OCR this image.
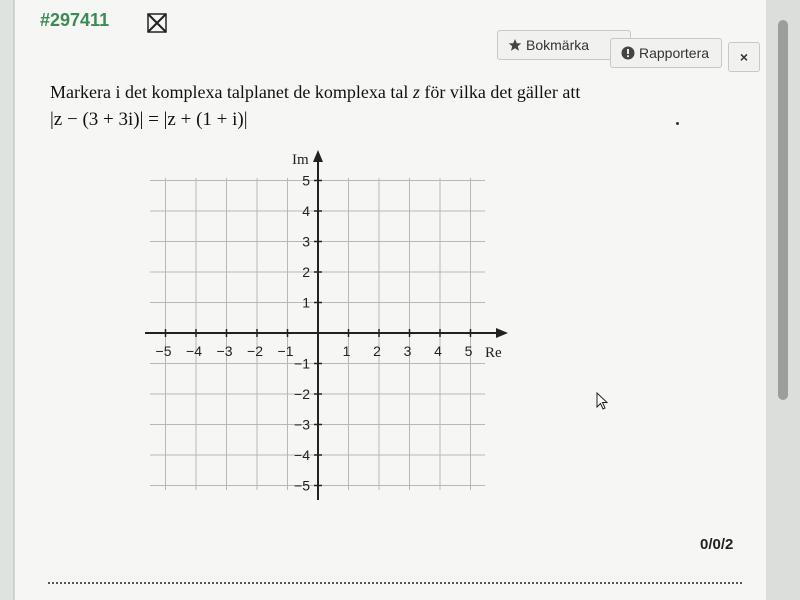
#297411
Bokmärka	Rapportera ×
Markera i det komplexa talplanet de komplexa tal z för vilka det gäller att
|z − (3 + 3i)| = |z + (1 + i)|
−5 −4 −3 −2 −1	1 2 3 4 5
5
4
3
2
1
−1
−2
−3
−4
−5
Re
Im
0/0/2
